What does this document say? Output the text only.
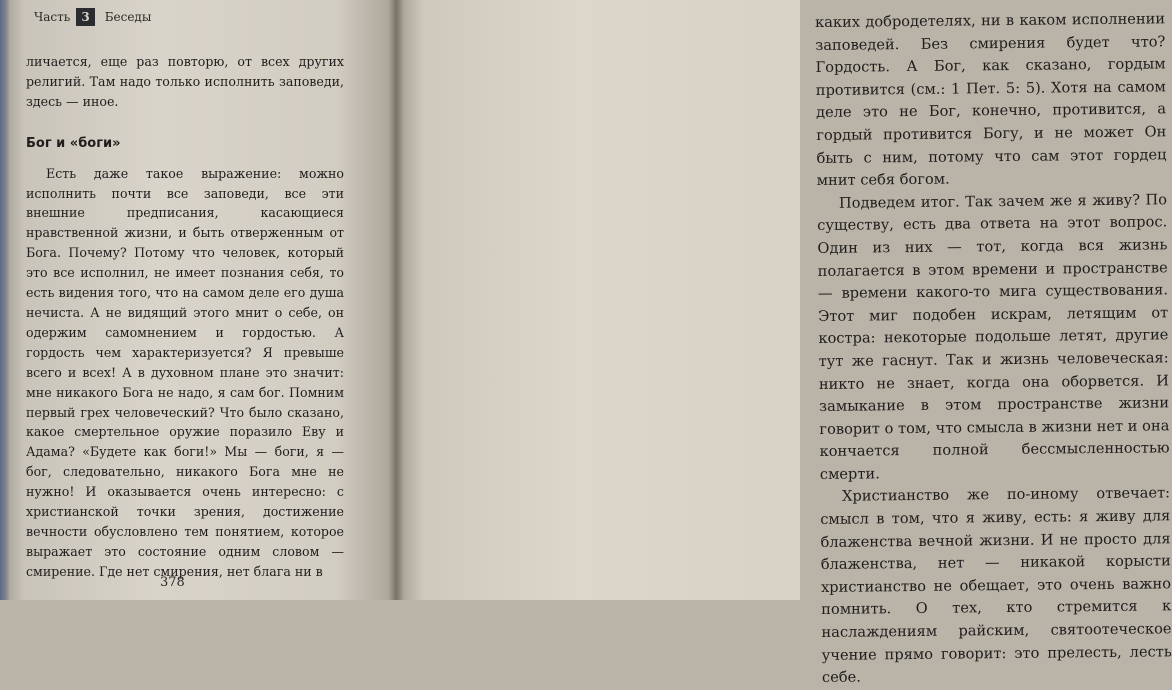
Часть 3	Беседы

личается, еще раз повторю, от всех других религий. Там надо только исполнить заповеди, здесь — иное.

Бог и «боги»

Есть даже такое выражение: можно исполнить почти все заповеди, все эти внешние предписания, касающиеся нравственной жизни, и быть отверженным от Бога. Почему? Потому что человек, который это все исполнил, не имеет познания себя, то есть видения того, что на самом деле его душа нечиста. А не видящий этого мнит о себе, он одержим самомнением и гордостью. А гордость чем характеризуется? Я превыше всего и всех! А в духовном плане это значит: мне никакого Бога не надо, я сам бог. Помним первый грех человеческий? Что было сказано, какое смертельное оружие поразило Еву и Адама? «Будете как боги!» Мы — боги, я — бог, следовательно, никакого Бога мне не нужно! И оказывается очень интересно: с христианской точки зрения, достижение вечности обусловлено тем понятием, которое выражает это состояние одним словом — смирение. Где нет смирения, нет блага ни в

378

каких добродетелях, ни в каком исполнении заповедей. Без смирения будет что? Гордость. А Бог, как сказано, гордым противится (см.: 1 Пет. 5: 5). Хотя на самом деле это не Бог, конечно, противится, а гордый противится Богу, и не может Он быть с ним, потому что сам этот гордец мнит себя богом.

Подведем итог. Так зачем же я живу? По существу, есть два ответа на этот вопрос. Один из них — тот, когда вся жизнь полагается в этом времени и пространстве — времени какого-то мига существования. Этот миг подобен искрам, летящим от костра: некоторые подольше летят, другие тут же гаснут. Так и жизнь человеческая: никто не знает, когда она оборвется. И замыкание в этом пространстве жизни говорит о том, что смысла в жизни нет и она кончается полной бессмысленностью смерти.

Христианство же по-иному отвечает: смысл в том, что я живу, есть: я живу для блаженства вечной жизни. И не просто для блаженства, нет — никакой корысти христианство не обещает, это очень важно помнить. О тех, кто стремится к наслаждениям райским, святоотеческое учение прямо говорит: это прелесть, лесть себе.
